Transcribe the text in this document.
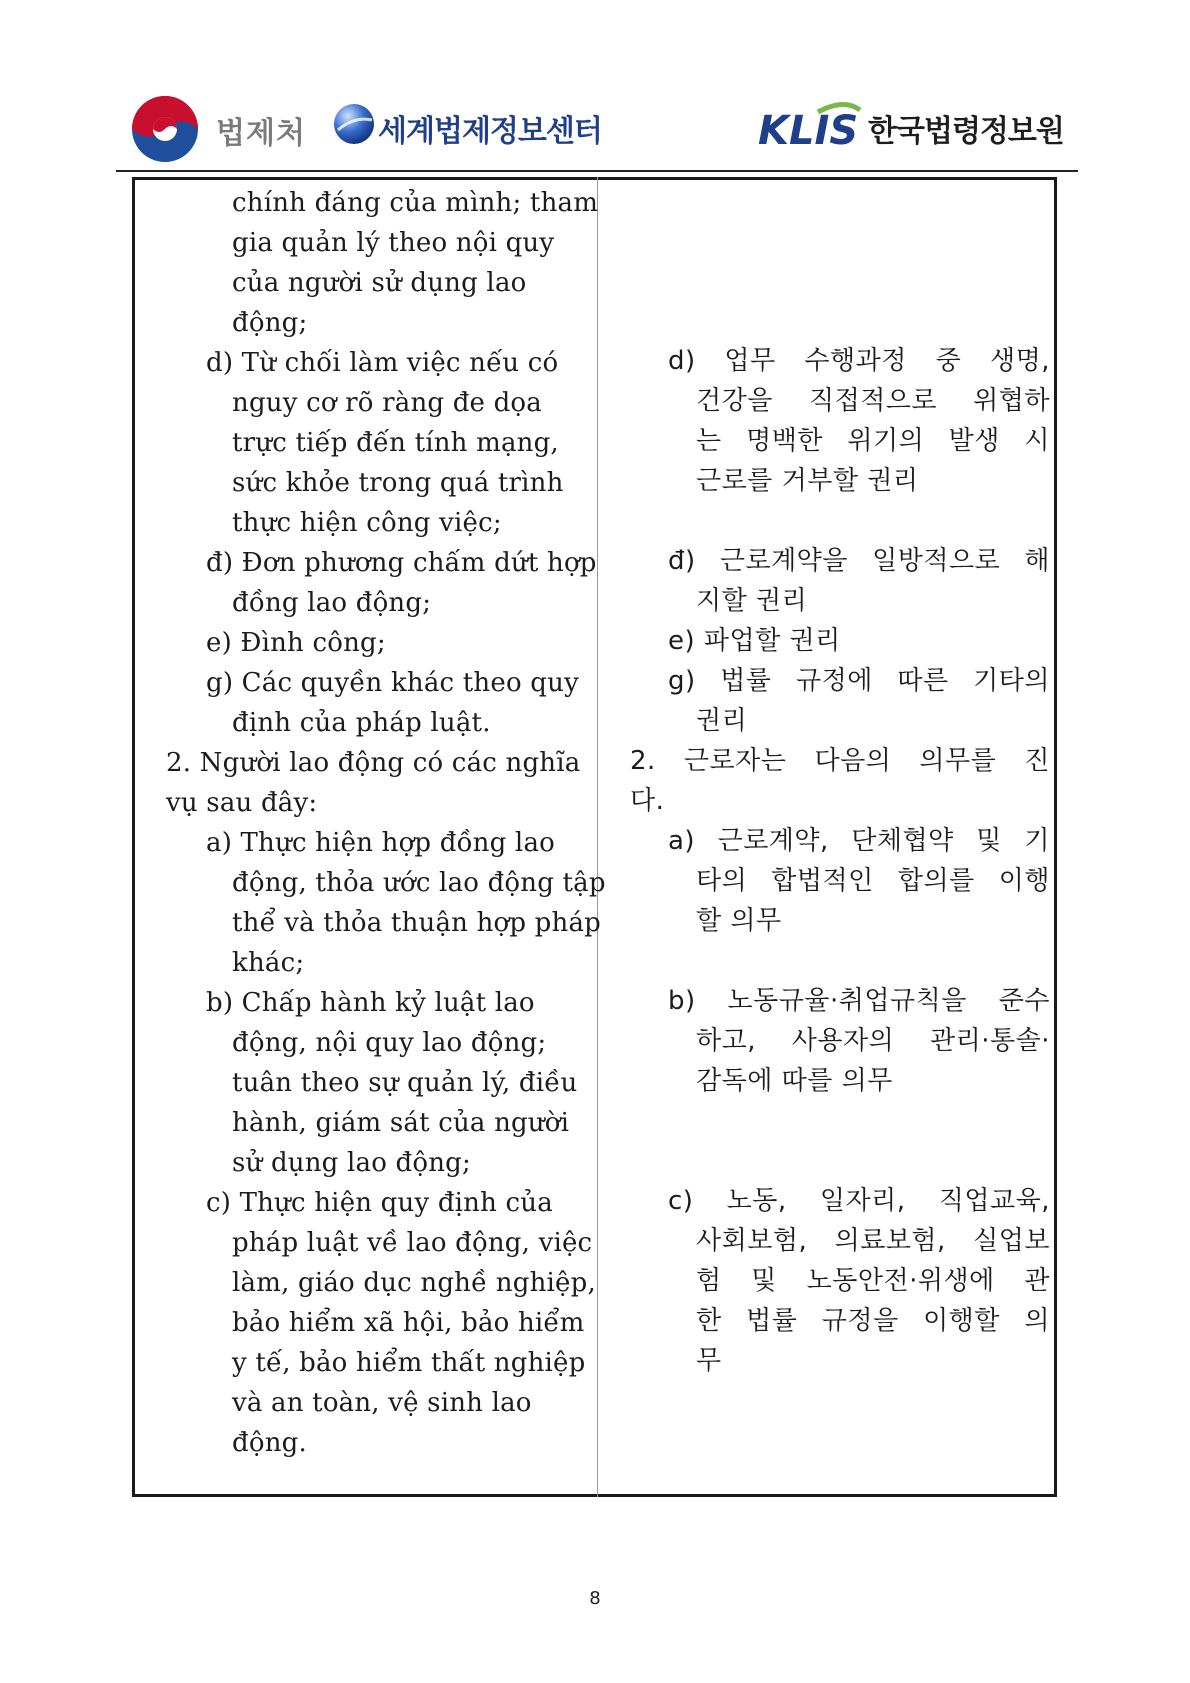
법제처 세계법제정보센터	KLIS 한국법령정보원

chính đáng của mình; tham

gia quản lý theo nội quy

của người sử dụng lao

động;

d) Từ chối làm việc nếu có

nguy cơ rõ ràng đe dọa

trực tiếp đến tính mạng,

sức khỏe trong quá trình

thực hiện công việc;

đ) Đơn phương chấm dứt hợp

đồng lao động;

e) Đình công;

g) Các quyền khác theo quy

định của pháp luật.

2. Người lao động có các nghĩa

vụ sau đây:

a) Thực hiện hợp đồng lao

động, thỏa ước lao động tập

thể và thỏa thuận hợp pháp

khác;

b) Chấp hành kỷ luật lao

động, nội quy lao động;

tuân theo sự quản lý, điều

hành, giám sát của người

sử dụng lao động;

c) Thực hiện quy định của

pháp luật về lao động, việc

làm, giáo dục nghề nghiệp,

bảo hiểm xã hội, bảo hiểm

y tế, bảo hiểm thất nghiệp

và an toàn, vệ sinh lao

động.

d) 업무 수행과정 중 생명,

건강을 직접적으로 위협하

는 명백한 위기의 발생 시

근로를 거부할 권리

đ) 근로계약을 일방적으로 해

지할 권리

e) 파업할 권리

g) 법률 규정에 따른 기타의

권리

2. 근로자는 다음의 의무를 진

다.

a) 근로계약, 단체협약 및 기

타의 합법적인 합의를 이행

할 의무

b) 노동규율·취업규칙을 준수

하고, 사용자의 관리·통솔·

감독에 따를 의무

c) 노동, 일자리, 직업교육,

사회보험, 의료보험, 실업보

험 및 노동안전·위생에 관

한 법률 규정을 이행할 의

무

8
